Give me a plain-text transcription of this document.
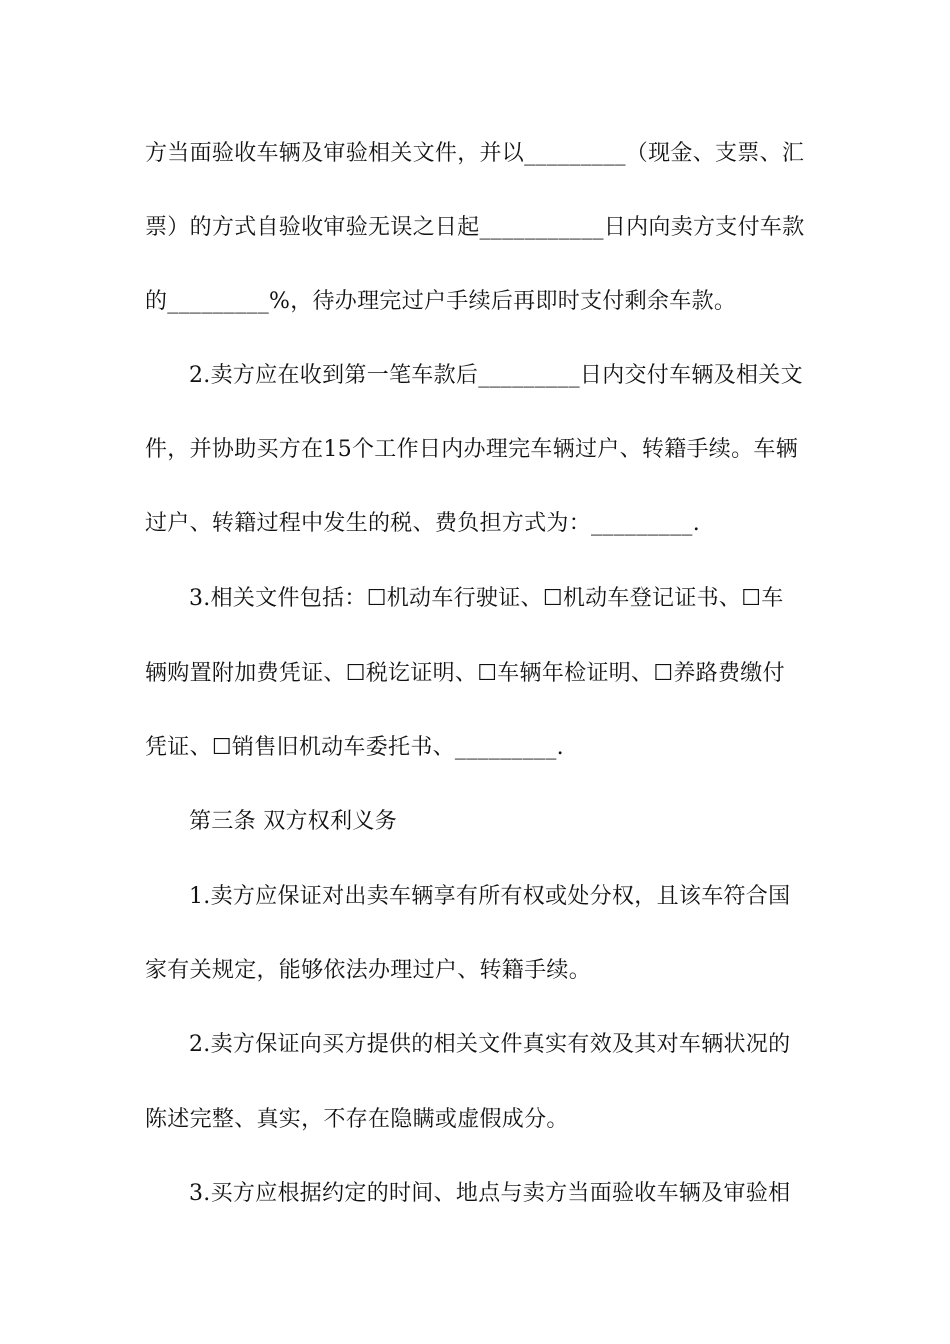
方当面验收车辆及审验相关文件，并以_________（现金、支票、汇
票）的方式自验收审验无误之日起___________日内向卖方支付车款
的_________%，待办理完过户手续后再即时支付剩余车款。
2.卖方应在收到第一笔车款后_________日内交付车辆及相关文
件，并协助买方在15个工作日内办理完车辆过户、转籍手续。车辆
过户、转籍过程中发生的税、费负担方式为：_________.
3.相关文件包括：☐机动车行驶证、☐机动车登记证书、☐车
辆购置附加费凭证、☐税讫证明、☐车辆年检证明、☐养路费缴付
凭证、☐销售旧机动车委托书、_________.
第三条 双方权利义务
1.卖方应保证对出卖车辆享有所有权或处分权，且该车符合国
家有关规定，能够依法办理过户、转籍手续。
2.卖方保证向买方提供的相关文件真实有效及其对车辆状况的
陈述完整、真实，不存在隐瞒或虚假成分。
3.买方应根据约定的时间、地点与卖方当面验收车辆及审验相
